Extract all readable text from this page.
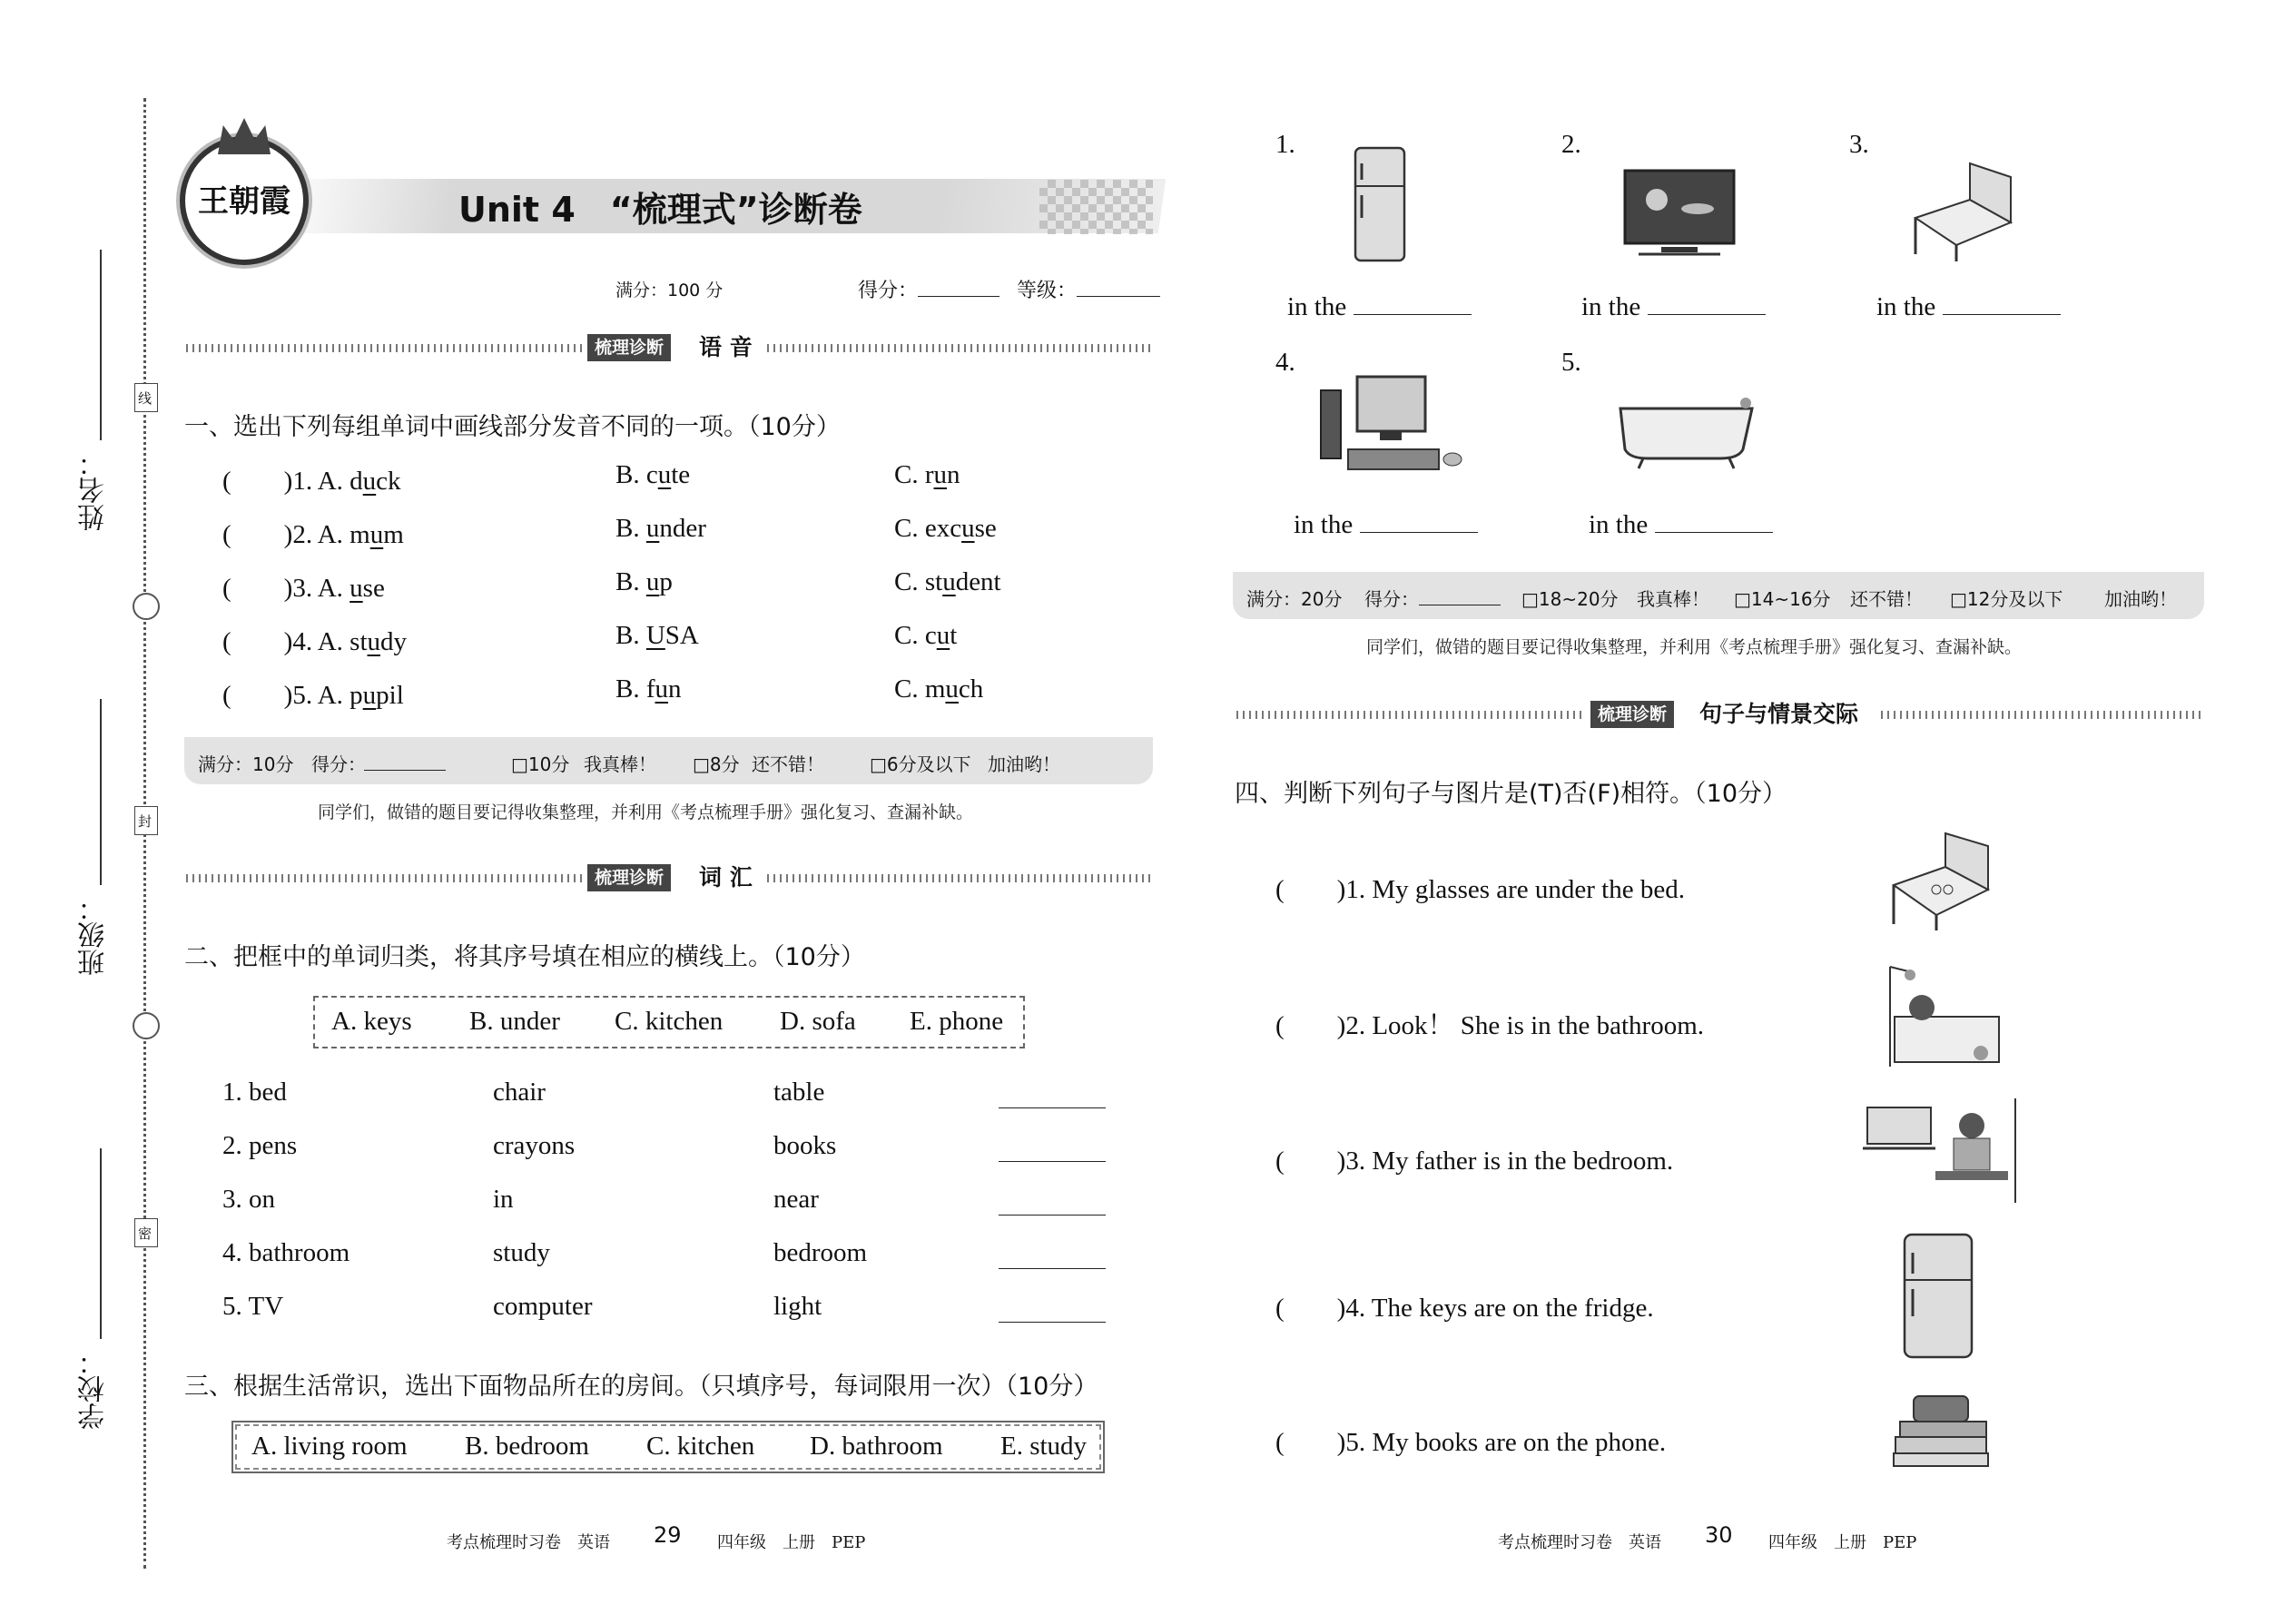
姓名：
班级：
学校：
线
封
密
王朝霞	Unit 4　“梳理式”诊断卷
满分：100 分	得分：	等级：
梳理诊断	语 音
一、选出下列每组单词中画线部分发音不同的一项。（10分）
(　　)1. A. duck	B. cute	C. run
(　　)2. A. mum	B. under	C. excuse
(　　)3. A. use	B. up	C. student
(　　)4. A. study	B. USA	C. cut
(　　)5. A. pupil	B. fun	C. much
满分：10分 得分：	□10分 我真棒！ □8分 还不错！	□6分及以下 加油哟！
同学们，做错的题目要记得收集整理，并利用《考点梳理手册》强化复习、查漏补缺。
梳理诊断	词 汇
二、把框中的单词归类，将其序号填在相应的横线上。（10分）
A. keys B. under C. kitchen D. sofa E. phone
1. bed	chair	table
2. pens	crayons	books
3. on	in	near
4. bathroom	study	bedroom
5. TV	computer	light
三、根据生活常识，选出下面物品所在的房间。（只填序号，每词限用一次）（10分）
A. living room B. bedroom C. kitchen D. bathroom E. study
考点梳理时习卷　英语 29 四年级　上册　PEP
1.	2.	3.
4.	5.
in the	in the	in the
in the	in the
满分：20分 得分：	□18~20分 我真棒！ □14~16分 还不错！ □12分及以下 加油哟！
同学们，做错的题目要记得收集整理，并利用《考点梳理手册》强化复习、查漏补缺。
梳理诊断	句子与情景交际
四、判断下列句子与图片是(T)否(F)相符。（10分）
(　　)1. My glasses are under the bed.
(　　)2. Look！ She is in the bathroom.
(　　)3. My father is in the bedroom.
(　　)4. The keys are on the fridge.
(　　)5. My books are on the phone.
考点梳理时习卷　英语 30 四年级　上册　PEP
